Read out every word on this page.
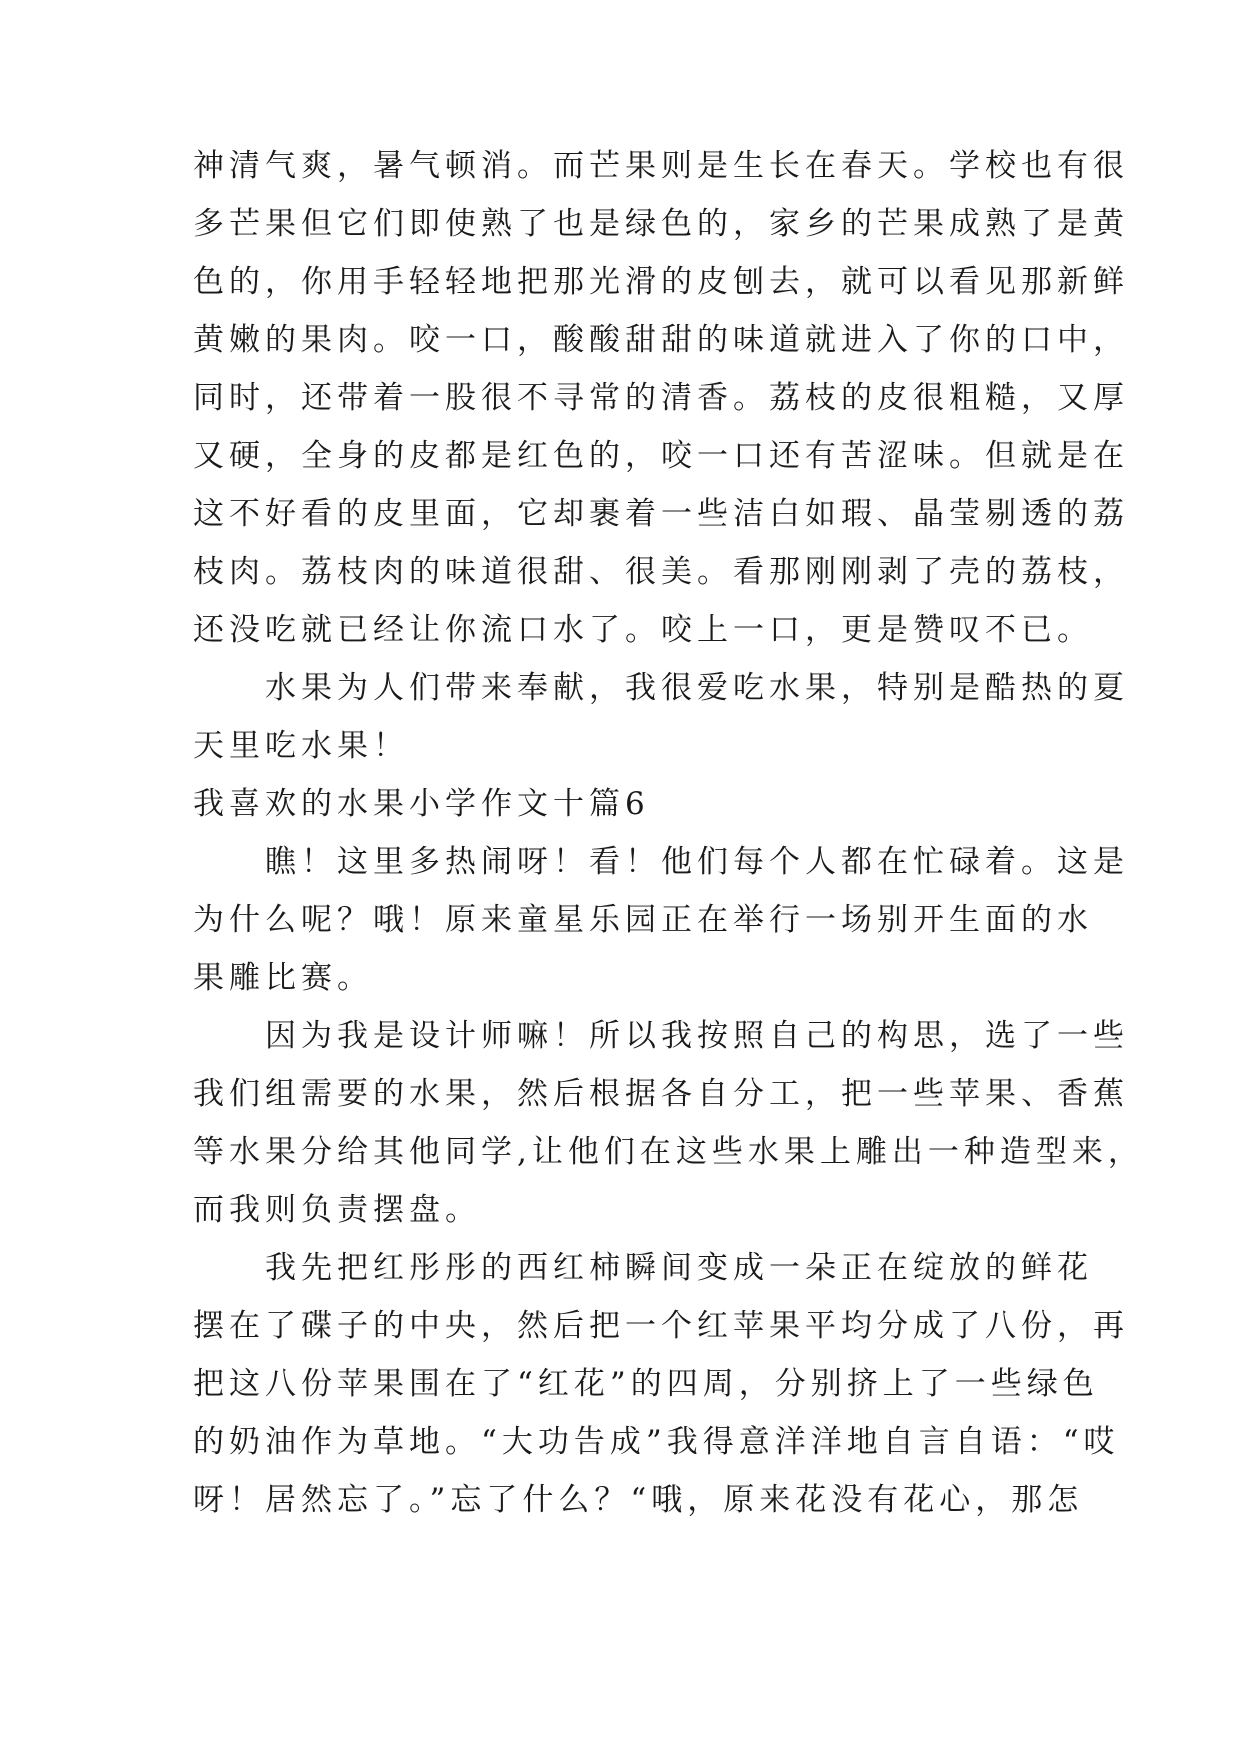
神清气爽，暑气顿消。而芒果则是生长在春天。学校也有很
多芒果但它们即使熟了也是绿色的，家乡的芒果成熟了是黄
色的，你用手轻轻地把那光滑的皮刨去，就可以看见那新鲜
黄嫩的果肉。咬一口，酸酸甜甜的味道就进入了你的口中，
同时，还带着一股很不寻常的清香。荔枝的皮很粗糙，又厚
又硬，全身的皮都是红色的，咬一口还有苦涩味。但就是在
这不好看的皮里面，它却裹着一些洁白如瑕、晶莹剔透的荔
枝肉。荔枝肉的味道很甜、很美。看那刚刚剥了壳的荔枝，
还没吃就已经让你流口水了。咬上一口，更是赞叹不已。
　　水果为人们带来奉献，我很爱吃水果，特别是酷热的夏
天里吃水果！
我喜欢的水果小学作文十篇6
　　瞧！这里多热闹呀！看！他们每个人都在忙碌着。这是
为什么呢？哦！原来童星乐园正在举行一场别开生面的水
果雕比赛。
　　因为我是设计师嘛！所以我按照自己的构思，选了一些
我们组需要的水果，然后根据各自分工，把一些苹果、香蕉
等水果分给其他同学,让他们在这些水果上雕出一种造型来，
而我则负责摆盘。
　　我先把红彤彤的西红柿瞬间变成一朵正在绽放的鲜花
摆在了碟子的中央，然后把一个红苹果平均分成了八份，再
把这八份苹果围在了“红花”的四周，分别挤上了一些绿色
的奶油作为草地。“大功告成”我得意洋洋地自言自语：“哎
呀！居然忘了。”忘了什么？“哦，原来花没有花心，那怎
